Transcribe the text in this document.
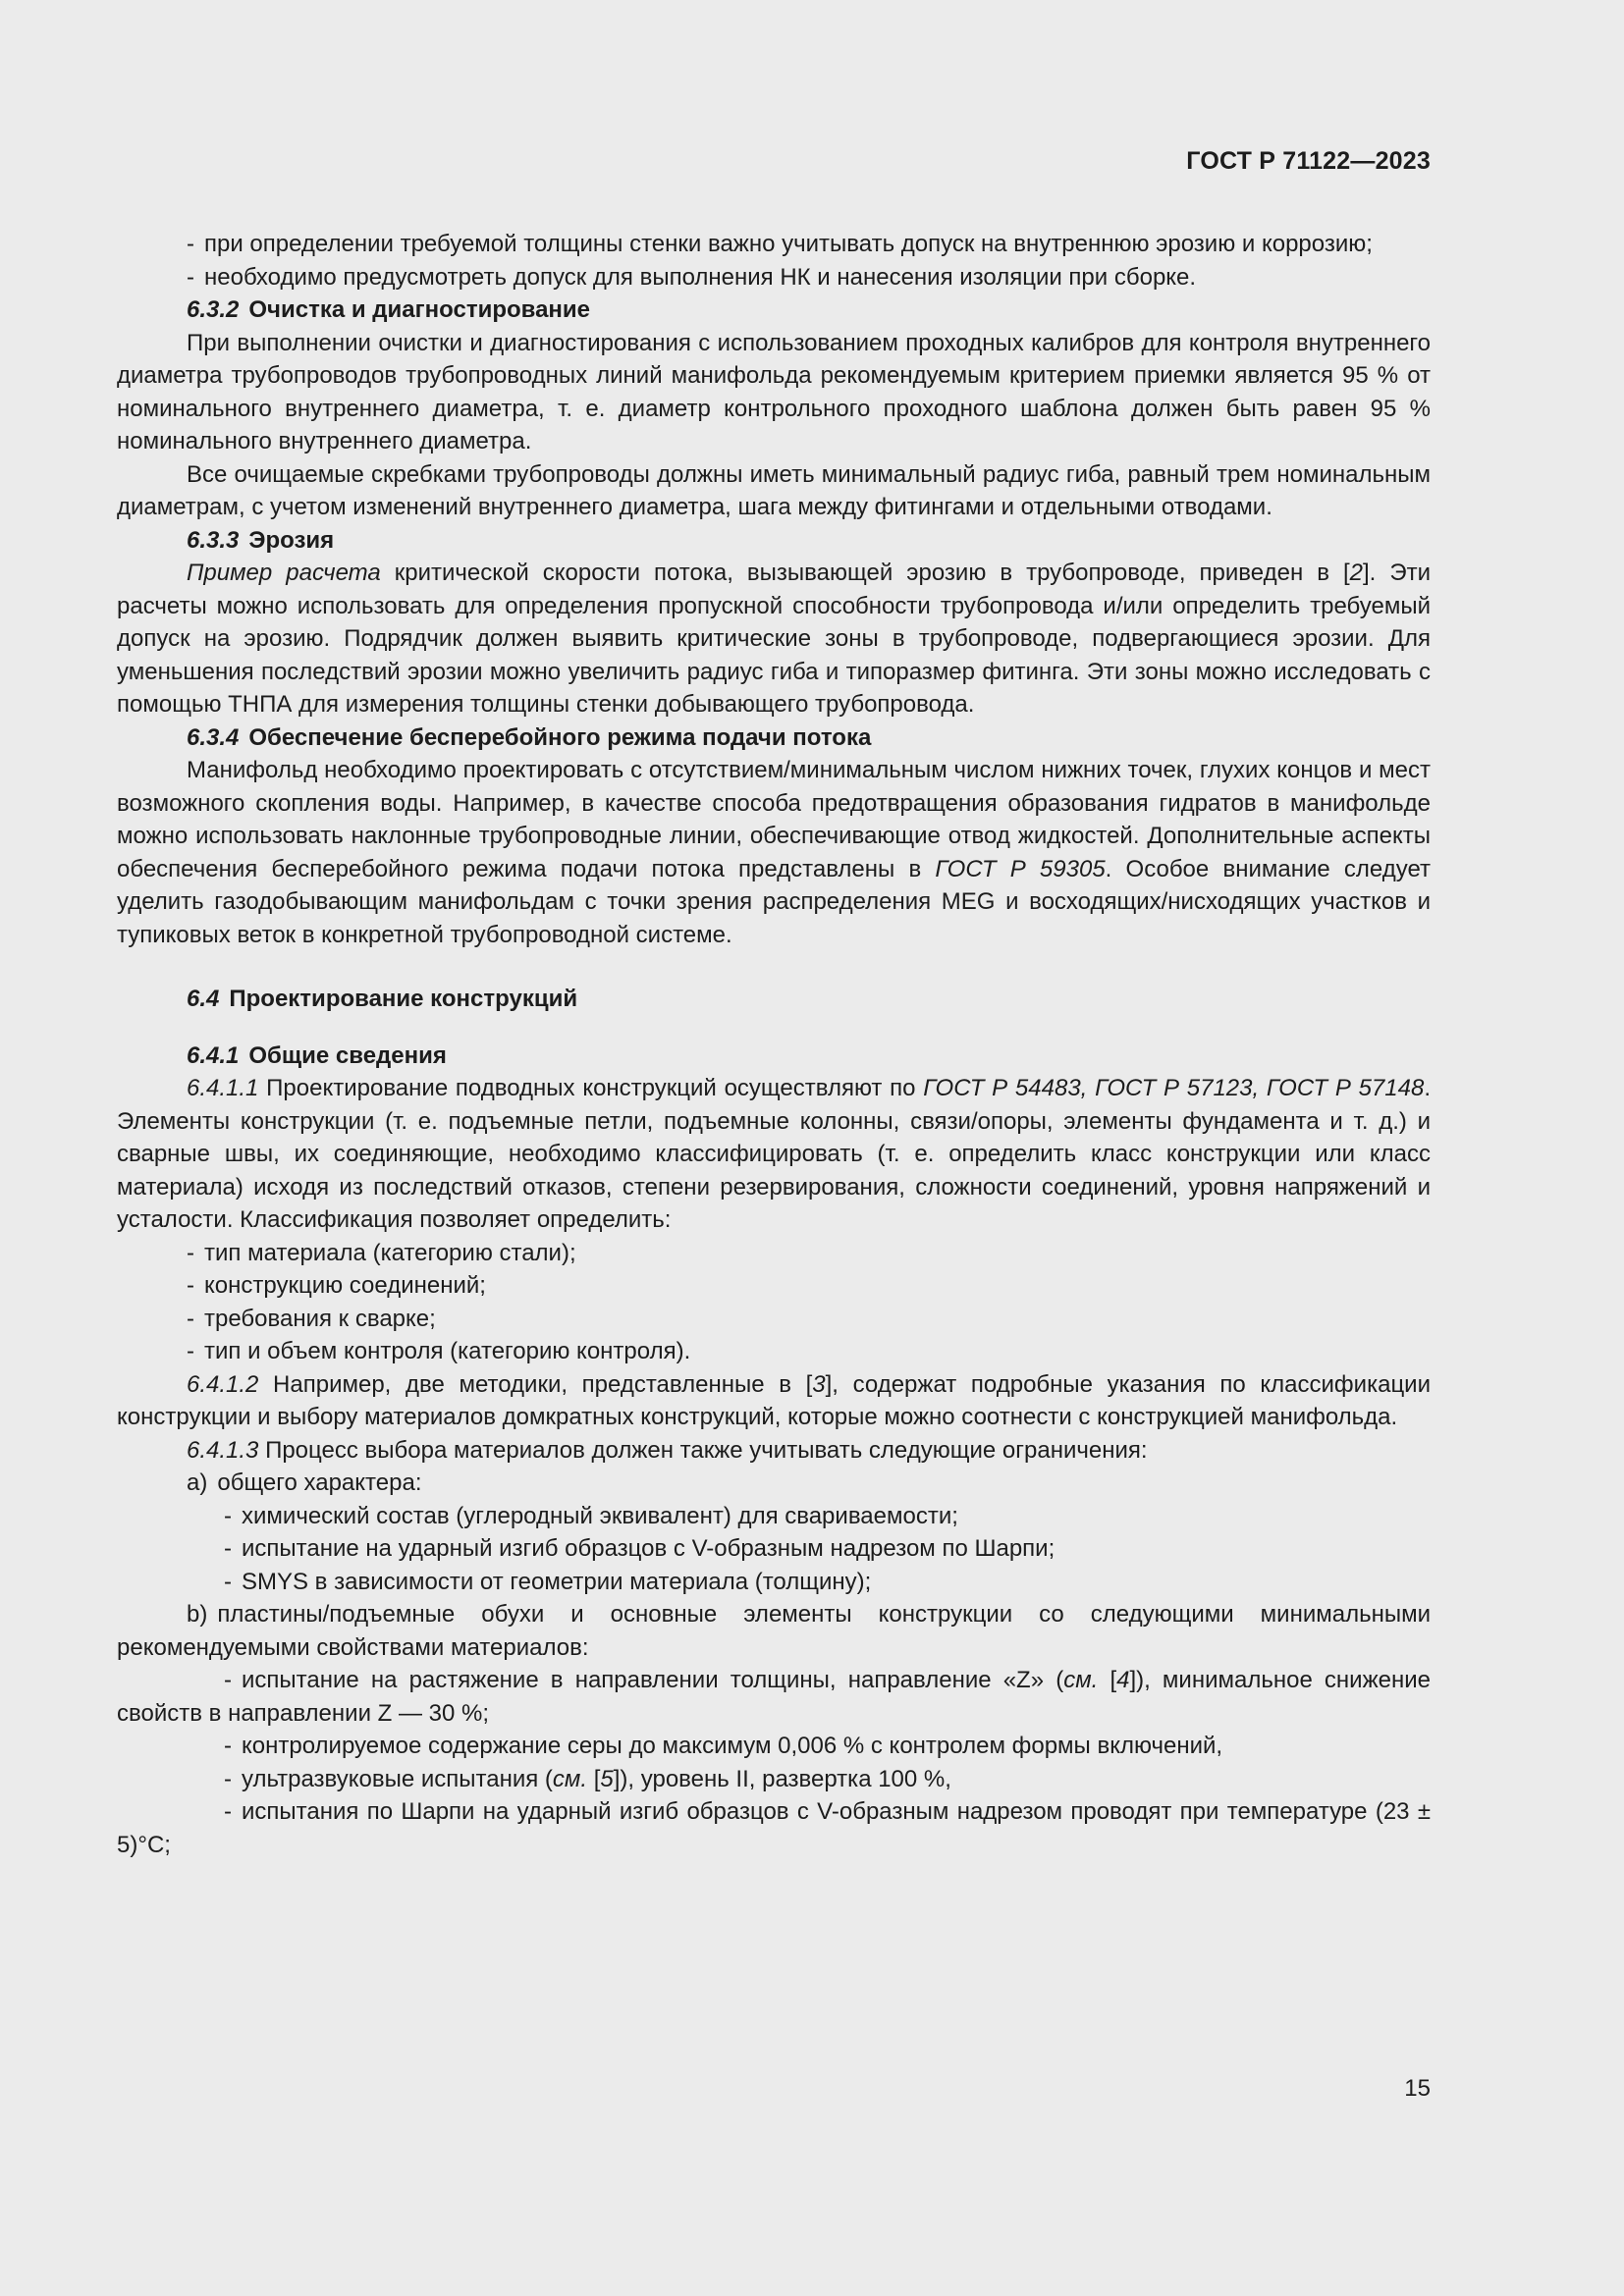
ГОСТ Р 71122—2023

- при определении требуемой толщины стенки важно учитывать допуск на внутреннюю эрозию и коррозию;

- необходимо предусмотреть допуск для выполнения НК и нанесения изоляции при сборке.

6.3.2 Очистка и диагностирование

При выполнении очистки и диагностирования с использованием проходных калибров для контроля внутреннего диаметра трубопроводов трубопроводных линий манифольда рекомендуемым критерием приемки является 95 % от номинального внутреннего диаметра, т. е. диаметр контрольного проходного шаблона должен быть равен 95 % номинального внутреннего диаметра.

Все очищаемые скребками трубопроводы должны иметь минимальный радиус гиба, равный трем номинальным диаметрам, с учетом изменений внутреннего диаметра, шага между фитингами и отдельными отводами.

6.3.3 Эрозия

Пример расчета критической скорости потока, вызывающей эрозию в трубопроводе, приведен в [2]. Эти расчеты можно использовать для определения пропускной способности трубопровода и/или определить требуемый допуск на эрозию. Подрядчик должен выявить критические зоны в трубопроводе, подвергающиеся эрозии. Для уменьшения последствий эрозии можно увеличить радиус гиба и типоразмер фитинга. Эти зоны можно исследовать с помощью ТНПА для измерения толщины стенки добывающего трубопровода.

6.3.4 Обеспечение бесперебойного режима подачи потока

Манифольд необходимо проектировать с отсутствием/минимальным числом нижних точек, глухих концов и мест возможного скопления воды. Например, в качестве способа предотвращения образования гидратов в манифольде можно использовать наклонные трубопроводные линии, обеспечивающие отвод жидкостей. Дополнительные аспекты обеспечения бесперебойного режима подачи потока представлены в ГОСТ Р 59305. Особое внимание следует уделить газодобывающим манифольдам с точки зрения распределения MEG и восходящих/нисходящих участков и тупиковых веток в конкретной трубопроводной системе.

6.4 Проектирование конструкций

6.4.1 Общие сведения

6.4.1.1 Проектирование подводных конструкций осуществляют по ГОСТ Р 54483, ГОСТ Р 57123, ГОСТ Р 57148. Элементы конструкции (т. е. подъемные петли, подъемные колонны, связи/опоры, элементы фундамента и т. д.) и сварные швы, их соединяющие, необходимо классифицировать (т. е. определить класс конструкции или класс материала) исходя из последствий отказов, степени резервирования, сложности соединений, уровня напряжений и усталости. Классификация позволяет определить:

- тип материала (категорию стали);

- конструкцию соединений;

- требования к сварке;

- тип и объем контроля (категорию контроля).

6.4.1.2 Например, две методики, представленные в [3], содержат подробные указания по классификации конструкции и выбору материалов домкратных конструкций, которые можно соотнести с конструкцией манифольда.

6.4.1.3 Процесс выбора материалов должен также учитывать следующие ограничения:

а) общего характера:

- химический состав (углеродный эквивалент) для свариваемости;

- испытание на ударный изгиб образцов с V-образным надрезом по Шарпи;

- SMYS в зависимости от геометрии материала (толщину);

b) пластины/подъемные обухи и основные элементы конструкции со следующими минимальными рекомендуемыми свойствами материалов:

- испытание на растяжение в направлении толщины, направление «Z» (см. [4]), минимальное снижение свойств в направлении Z — 30 %;

- контролируемое содержание серы до максимум 0,006 % с контролем формы включений,

- ультразвуковые испытания (см. [5]), уровень II, развертка 100 %,

- испытания по Шарпи на ударный изгиб образцов с V-образным надрезом проводят при температуре (23 ± 5)°C;

15
